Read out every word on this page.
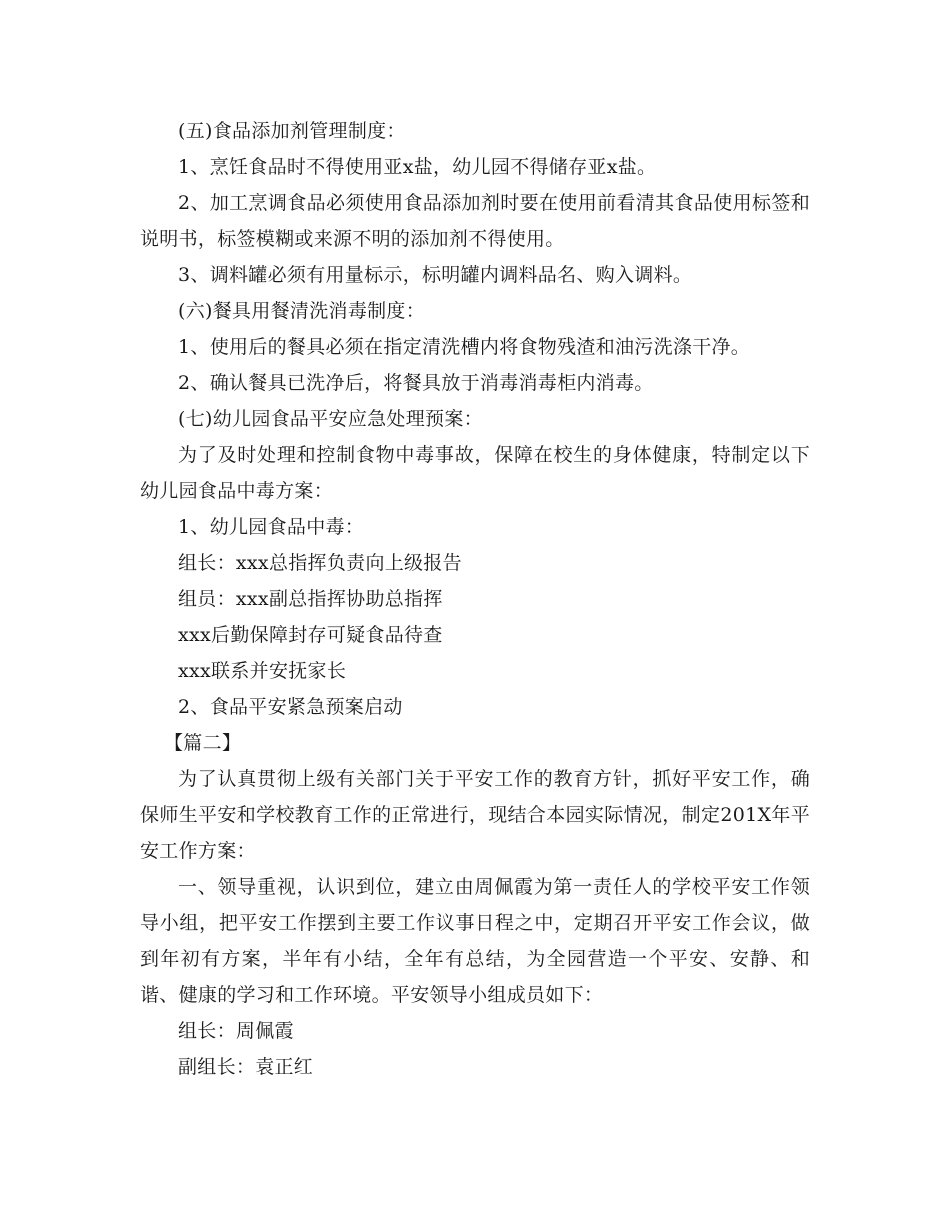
(五)食品添加剂管理制度：

1、烹饪食品时不得使用亚x盐，幼儿园不得储存亚x盐。

2、加工烹调食品必须使用食品添加剂时要在使用前看清其食品使用标签和说明书，标签模糊或来源不明的添加剂不得使用。

3、调料罐必须有用量标示，标明罐内调料品名、购入调料。

(六)餐具用餐清洗消毒制度：

1、使用后的餐具必须在指定清洗槽内将食物残渣和油污洗涤干净。

2、确认餐具已洗净后，将餐具放于消毒消毒柜内消毒。

(七)幼儿园食品平安应急处理预案：

为了及时处理和控制食物中毒事故，保障在校生的身体健康，特制定以下幼儿园食品中毒方案：

1、幼儿园食品中毒：

组长：xxx总指挥负责向上级报告

组员：xxx副总指挥协助总指挥

xxx后勤保障封存可疑食品待查

xxx联系并安抚家长

2、食品平安紧急预案启动

【篇二】

为了认真贯彻上级有关部门关于平安工作的教育方针，抓好平安工作，确保师生平安和学校教育工作的正常进行，现结合本园实际情况，制定201X年平安工作方案：

一、领导重视，认识到位，建立由周佩霞为第一责任人的学校平安工作领导小组，把平安工作摆到主要工作议事日程之中，定期召开平安工作会议，做到年初有方案，半年有小结，全年有总结，为全园营造一个平安、安静、和谐、健康的学习和工作环境。平安领导小组成员如下：

组长：周佩霞

副组长：袁正红
